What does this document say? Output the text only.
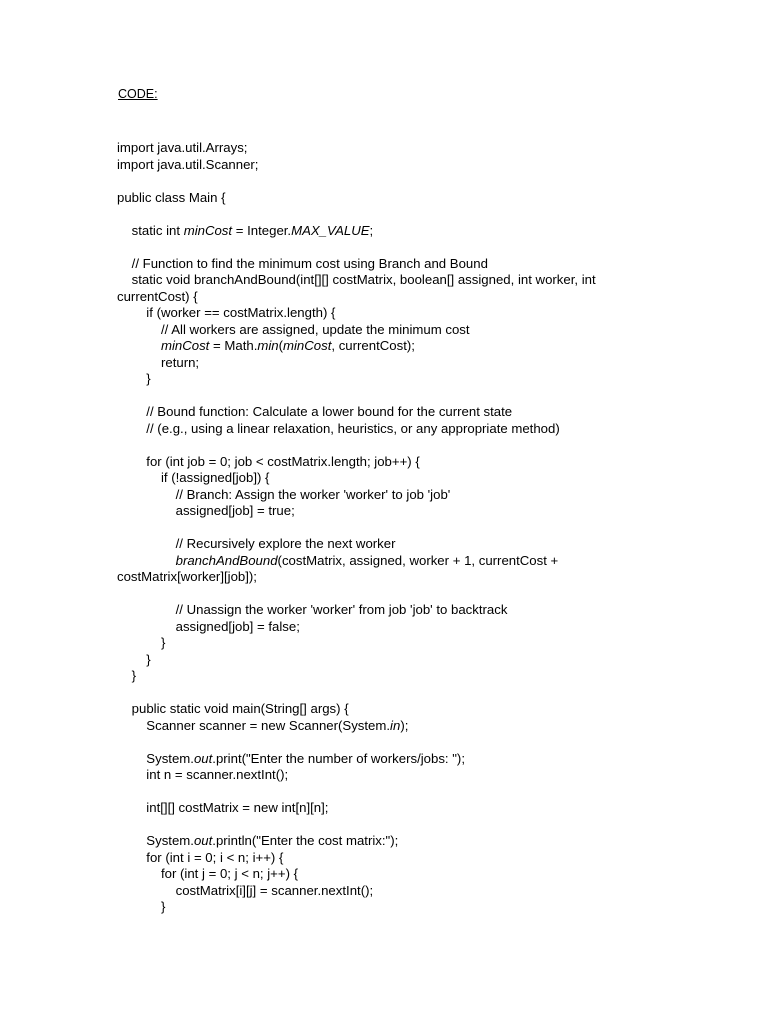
CODE:
import java.util.Arrays;
import java.util.Scanner;

public class Main {

static int minCost = Integer.MAX_VALUE;

// Function to find the minimum cost using Branch and Bound
static void branchAndBound(int[][] costMatrix, boolean[] assigned, int worker, int
currentCost) {
if (worker == costMatrix.length) {
// All workers are assigned, update the minimum cost
minCost = Math.min(minCost, currentCost);
return;
}

// Bound function: Calculate a lower bound for the current state
// (e.g., using a linear relaxation, heuristics, or any appropriate method)

for (int job = 0; job < costMatrix.length; job++) {
if (!assigned[job]) {
// Branch: Assign the worker 'worker' to job 'job'
assigned[job] = true;

// Recursively explore the next worker
branchAndBound(costMatrix, assigned, worker + 1, currentCost +
costMatrix[worker][job]);

// Unassign the worker 'worker' from job 'job' to backtrack
assigned[job] = false;
}
}
}

public static void main(String[] args) {
Scanner scanner = new Scanner(System.in);

System.out.print("Enter the number of workers/jobs: ");
int n = scanner.nextInt();

int[][] costMatrix = new int[n][n];

System.out.println("Enter the cost matrix:");
for (int i = 0; i < n; i++) {
for (int j = 0; j < n; j++) {
costMatrix[i][j] = scanner.nextInt();
}
